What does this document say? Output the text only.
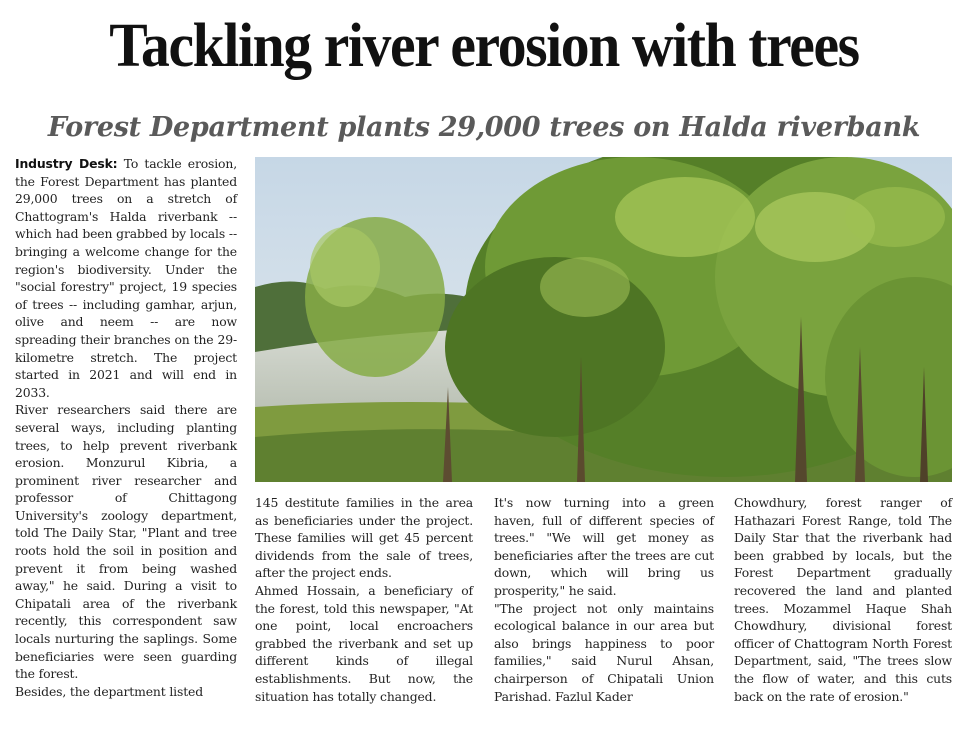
Tackling river erosion with trees
Forest Department plants 29,000 trees on Halda riverbank

Industry Desk: To tackle erosion, the Forest Department has planted 29,000 trees on a stretch of Chattogram's Halda riverbank -- which had been grabbed by locals -- bringing a welcome change for the region's biodiversity. Under the "social forestry" project, 19 species of trees -- including gamhar, arjun, olive and neem -- are now spreading their branches on the 29-kilometre stretch. The project started in 2021 and will end in 2033.

River researchers said there are several ways, including planting trees, to help prevent riverbank erosion. Monzurul Kibria, a prominent river researcher and professor of Chittagong University's zoology department, told The Daily Star, "Plant and tree roots hold the soil in position and prevent it from being washed away," he said. During a visit to Chipatali area of the riverbank recently, this correspondent saw locals nurturing the saplings. Some beneficiaries were seen guarding the forest.

Besides, the department listed

145 destitute families in the area as beneficiaries under the project. These families will get 45 percent dividends from the sale of trees, after the project ends.

Ahmed Hossain, a beneficiary of the forest, told this newspaper, "At one point, local encroachers grabbed the riverbank and set up different kinds of illegal establishments. But now, the situation has totally changed.

It's now turning into a green haven, full of different species of trees." "We will get money as beneficiaries after the trees are cut down, which will bring us prosperity," he said.

"The project not only maintains ecological balance in our area but also brings happiness to poor families," said Nurul Ahsan, chairperson of Chipatali Union Parishad. Fazlul Kader

Chowdhury, forest ranger of Hathazari Forest Range, told The Daily Star that the riverbank had been grabbed by locals, but the Forest Department gradually recovered the land and planted trees. Mozammel Haque Shah Chowdhury, divisional forest officer of Chattogram North Forest Department, said, "The trees slow the flow of water, and this cuts back on the rate of erosion."
